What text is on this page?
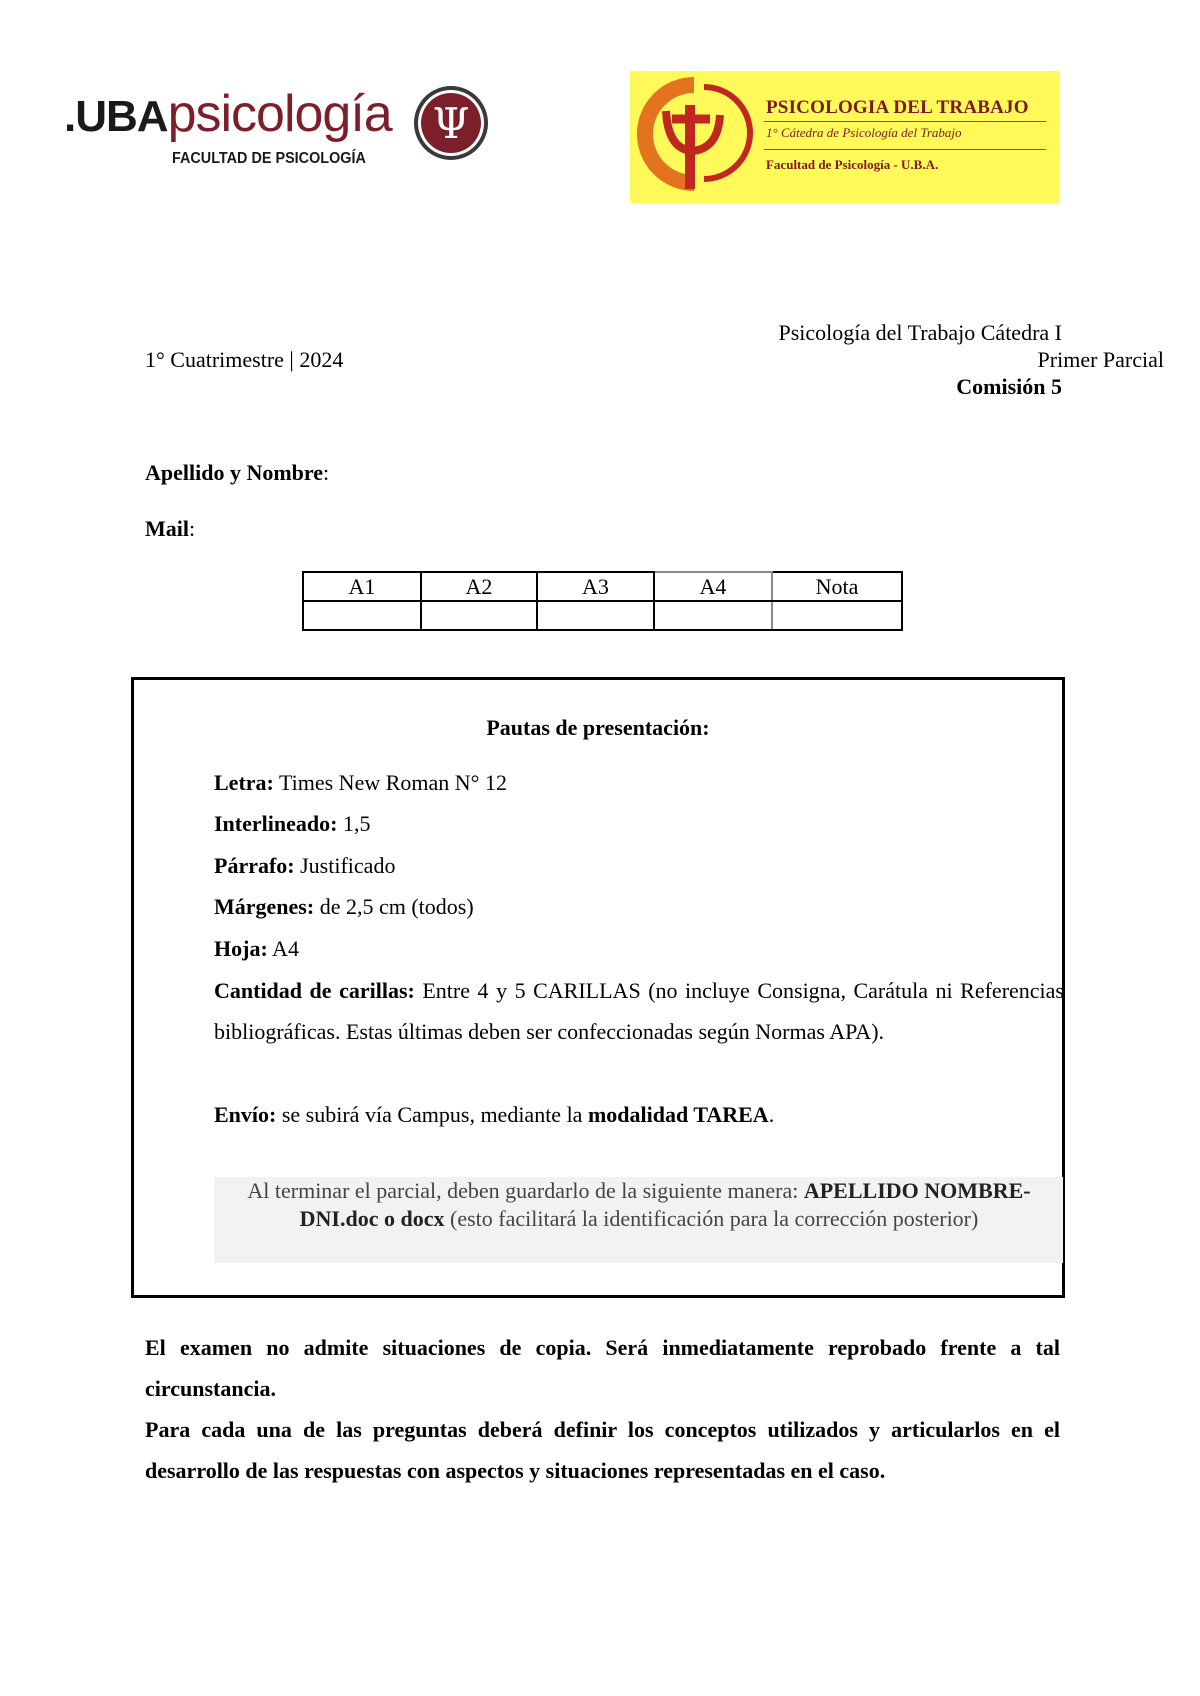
.UBApsicología
FACULTAD DE PSICOLOGÍA
Ψ	PSICOLOGIA DEL TRABAJO
1° Cátedra de Psicología del Trabajo
Facultad de Psicología - U.B.A.
Psicología del Trabajo Cátedra I
1° Cuatrimestre | 2024	Primer Parcial
Comisión 5
Apellido y Nombre:
Mail:
A1	A2	A3	A4	Nota

Pautas de presentación:
Letra: Times New Roman N° 12
Interlineado: 1,5
Párrafo: Justificado
Márgenes: de 2,5 cm (todos)
Hoja: A4
Cantidad de carillas: Entre 4 y 5 CARILLAS (no incluye Consigna, Carátula ni Referencias bibliográficas. Estas últimas deben ser confeccionadas según Normas APA).
Envío: se subirá vía Campus, mediante la modalidad TAREA.
Al terminar el parcial, deben guardarlo de la siguiente manera: APELLIDO NOMBRE-DNI.doc o docx (esto facilitará la identificación para la corrección posterior)
El examen no admite situaciones de copia. Será inmediatamente reprobado frente a tal circunstancia.
Para cada una de las preguntas deberá definir los conceptos utilizados y articularlos en el desarrollo de las respuestas con aspectos y situaciones representadas en el caso.
